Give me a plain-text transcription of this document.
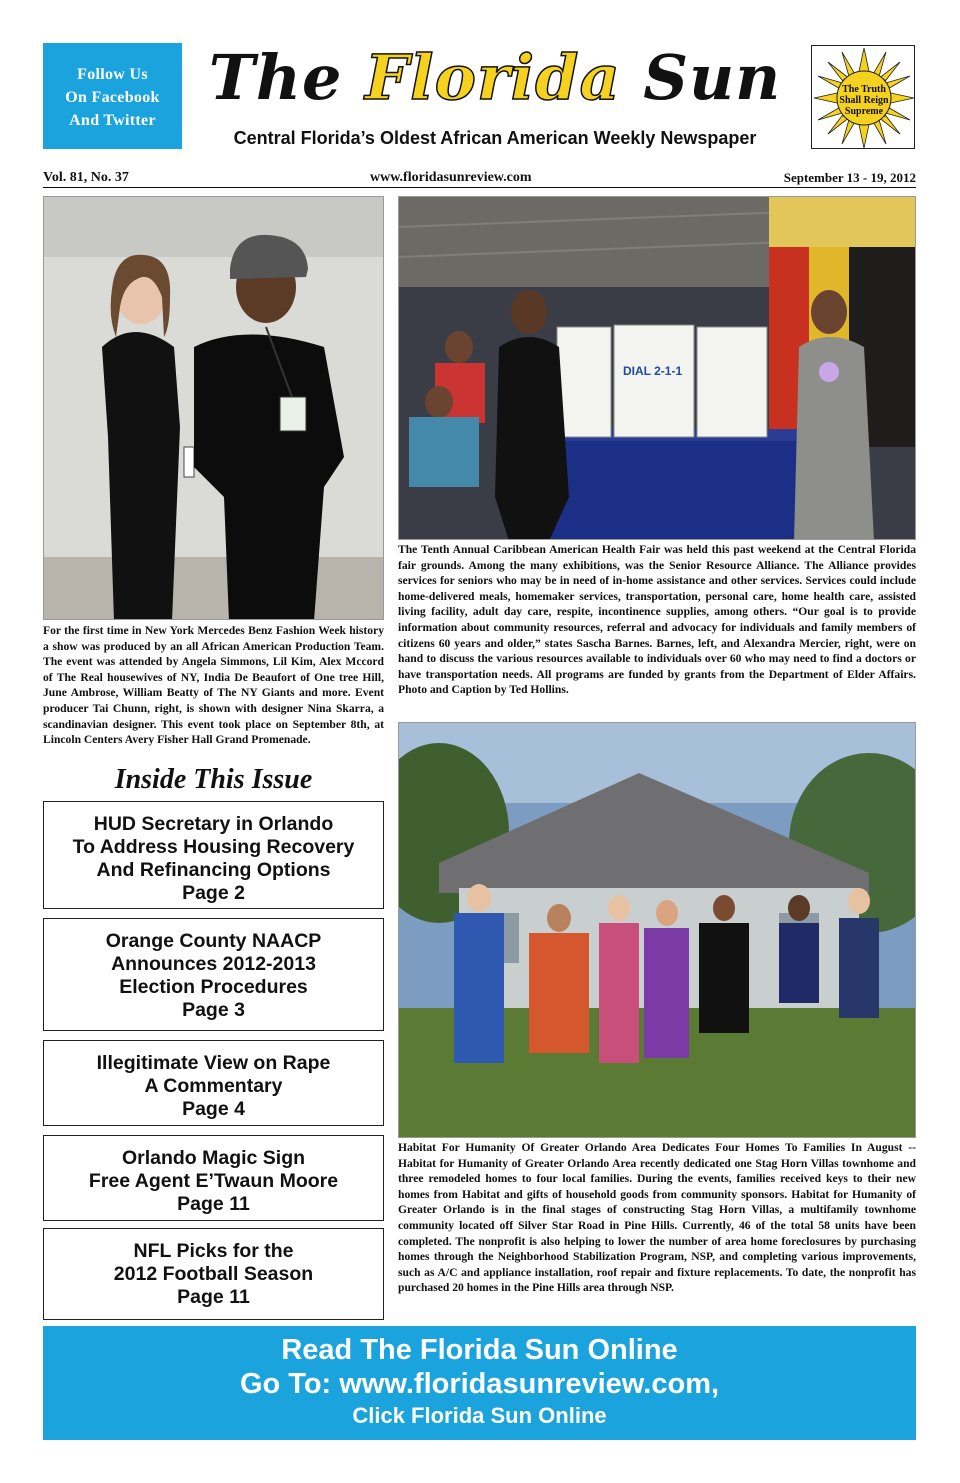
Follow Us
On Facebook
And Twitter
The Florida Sun
Central Florida’s Oldest African American Weekly Newspaper
The Truth
Shall Reign
Supreme
Vol. 81, No. 37	www.floridasunreview.com	September 13 - 19, 2012
DIAL 2-1-1
For the first time in New York Mercedes Benz Fashion Week history a show was produced by an all African American Production Team. The event was attended by Angela Simmons, Lil Kim, Alex Mccord of The Real housewives of NY, India De Beaufort of One tree Hill, June Ambrose, William Beatty of The NY Giants and more. Event producer Tai Chunn, right, is shown with designer Nina Skarra, a scandinavian designer. This event took place on September 8th, at Lincoln Centers Avery Fisher Hall Grand Promenade.
The Tenth Annual Caribbean American Health Fair was held this past weekend at the Central Florida fair grounds. Among the many exhibitions, was the Senior Resource Alliance. The Alliance provides services for seniors who may be in need of in-home assistance and other services. Services could include home-delivered meals, homemaker services, transportation, personal care, home health care, assisted living facility, adult day care, respite, incontinence supplies, among others. “Our goal is to provide information about community resources, referral and advocacy for individuals and family members of citizens 60 years and older,” states Sascha Barnes. Barnes, left, and Alexandra Mercier, right, were on hand to discuss the various resources available to individuals over 60 who may need to find a doctors or have transportation needs. All programs are funded by grants from the Department of Elder Affairs. Photo and Caption by Ted Hollins.
Habitat For Humanity Of Greater Orlando Area Dedicates Four Homes To Families In August -- Habitat for Humanity of Greater Orlando Area recently dedicated one Stag Horn Villas townhome and three remodeled homes to four local families. During the events, families received keys to their new homes from Habitat and gifts of household goods from community sponsors. Habitat for Humanity of Greater Orlando is in the final stages of constructing Stag Horn Villas, a multifamily townhome community located off Silver Star Road in Pine Hills. Currently, 46 of the total 58 units have been completed. The nonprofit is also helping to lower the number of area home foreclosures by purchasing homes through the Neighborhood Stabilization Program, NSP, and completing various improvements, such as A/C and appliance installation, roof repair and fixture replacements. To date, the nonprofit has purchased 20 homes in the Pine Hills area through NSP.
Inside This Issue
HUD Secretary in Orlando
To Address Housing Recovery
And Refinancing Options
Page 2
Orange County NAACP
Announces 2012-2013
Election Procedures
Page 3
Illegitimate View on Rape
A Commentary
Page 4
Orlando Magic Sign
Free Agent E’Twaun Moore
Page 11
NFL Picks for the
2012 Football Season
Page 11
Read The Florida Sun Online
Go To: www.floridasunreview.com,
Click Florida Sun Online
